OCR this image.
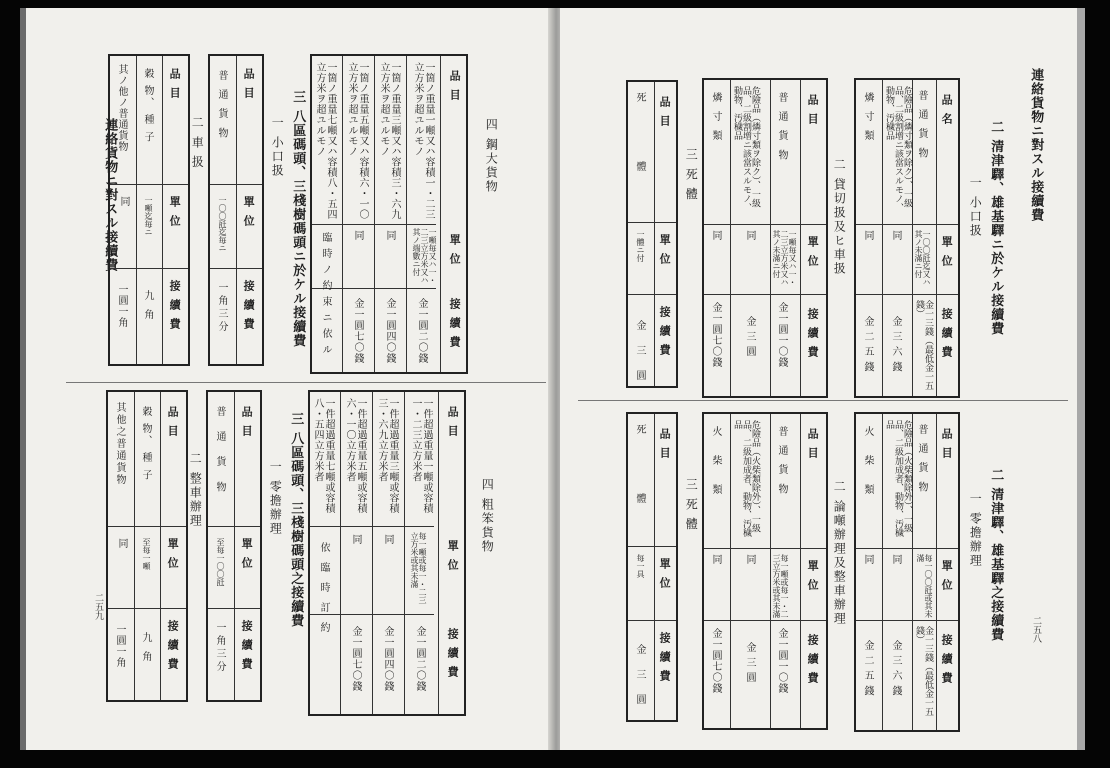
連絡貨物ニ對スル接續費
二五九
四 鋼大貨物
三 八區碼頭、三棧樹碼頭ニ於ケル接續費
一 小口扱
二 車 扱
品 目
單 位
接 續 費
一箇ノ重量一噸又ハ容積一・二三立方米ヲ超ユルモノ
一噸毎又ハ一・二三立方米又ハ其ノ端數ニ付
金一圓二〇錢
一箇ノ重量三噸又ハ容積三・六九立方米ヲ超ユルモノ
同
金一圓四〇錢
一箇ノ重量五噸又ハ容積六・一〇立方米ヲ超ユルモノ
同
金一圓七〇錢
一箇ノ重量七噸又ハ容積八・五四立方米ヲ超ユルモノ
臨時ノ約束ニ依ル
品 目
單 位
接 續 費
普 通 貨 物
一〇〇瓩迄毎ニ
一角三分
品 目
單 位
接 續 費
穀 物、 種 子
一噸迄毎ニ
九 角
其ノ他ノ普通貨物
同
一圓一角
四 粗笨貨物
三 八區碼頭、三棧樹碼頭之接續費
一 零擔辦理
二 整車辦理
品 目
單 位
接 續 費
一件超過重量一噸或容積一・二三立方米者
每一噸或每一・二三立方米或其未滿
金一圓二〇錢
一件超過重量三噸或容積三・六九立方米者
同
金一圓四〇錢
一件超過重量五噸或容積六・一〇立方米者
同
金一圓七〇錢
一件超過重量七噸或容積八・五四立方米者
依臨時訂約
品 目
單 位
接 續 費
普 通 貨 物
至每一〇〇瓩
一角三分
品 目
單 位
接 續 費
穀 物、 種 子
至每一噸
九 角
其他之普通貨物
同
一圓一角
連絡貨物ニ對スル接續費
二五八
二 清津驛、雄基驛ニ於ケル接續費
一 小口扱
二 貸切扱及ヒ車扱
三 死 體
品 名
單 位
接 續 費
普 通 貨 物
一〇〇瓩迄又ハ其ノ未滿ニ付
金一三錢（最低金一五錢）
危險品（燐寸類ヲ除ク）、一級品、二級割增ニ該當スルモノ、動物、汚穢品
同
金 三 六 錢
燐 寸 類
同
金 二 五 錢
品 目
單 位
接 續 費
普 通 貨 物
一噸毎又ハ一・二三立方米又ハ其ノ未滿ニ付
金一圓一〇錢
危險品（燐寸類ヲ除ク）、一級品、二級割增ニ該當スルモノ、動物、汚穢品
同
金 三 圓
燐 寸 類
同
金一圓七〇錢
品 目
單 位
接 續 費
死 體
一體ニ付
金 三 圓
二 清津驛、雄基驛之接續費
一 零擔辦理
二 論噸辦理及整車辦理
三 死 體
品 目
單 位
接 續 費
普 通 貨 物
每一〇〇瓩或其未滿
金一三錢（最低金一五錢）
危險品（火柴類除外）、一級品、二級加成者、動物、汚穢品
同
金 三 六 錢
火 柴 類
同
金 二 五 錢
品 目
單 位
接 續 費
普 通 貨 物
每一噸或每一・二三立方米或其未滿
金一圓一〇錢
危險品（火柴類除外）、一級品、二級加成者、動物、汚穢品
同
金 三 圓
火 柴 類
同
金一圓七〇錢
品 目
單 位
接 續 費
死 體
每一具
金 三 圓
